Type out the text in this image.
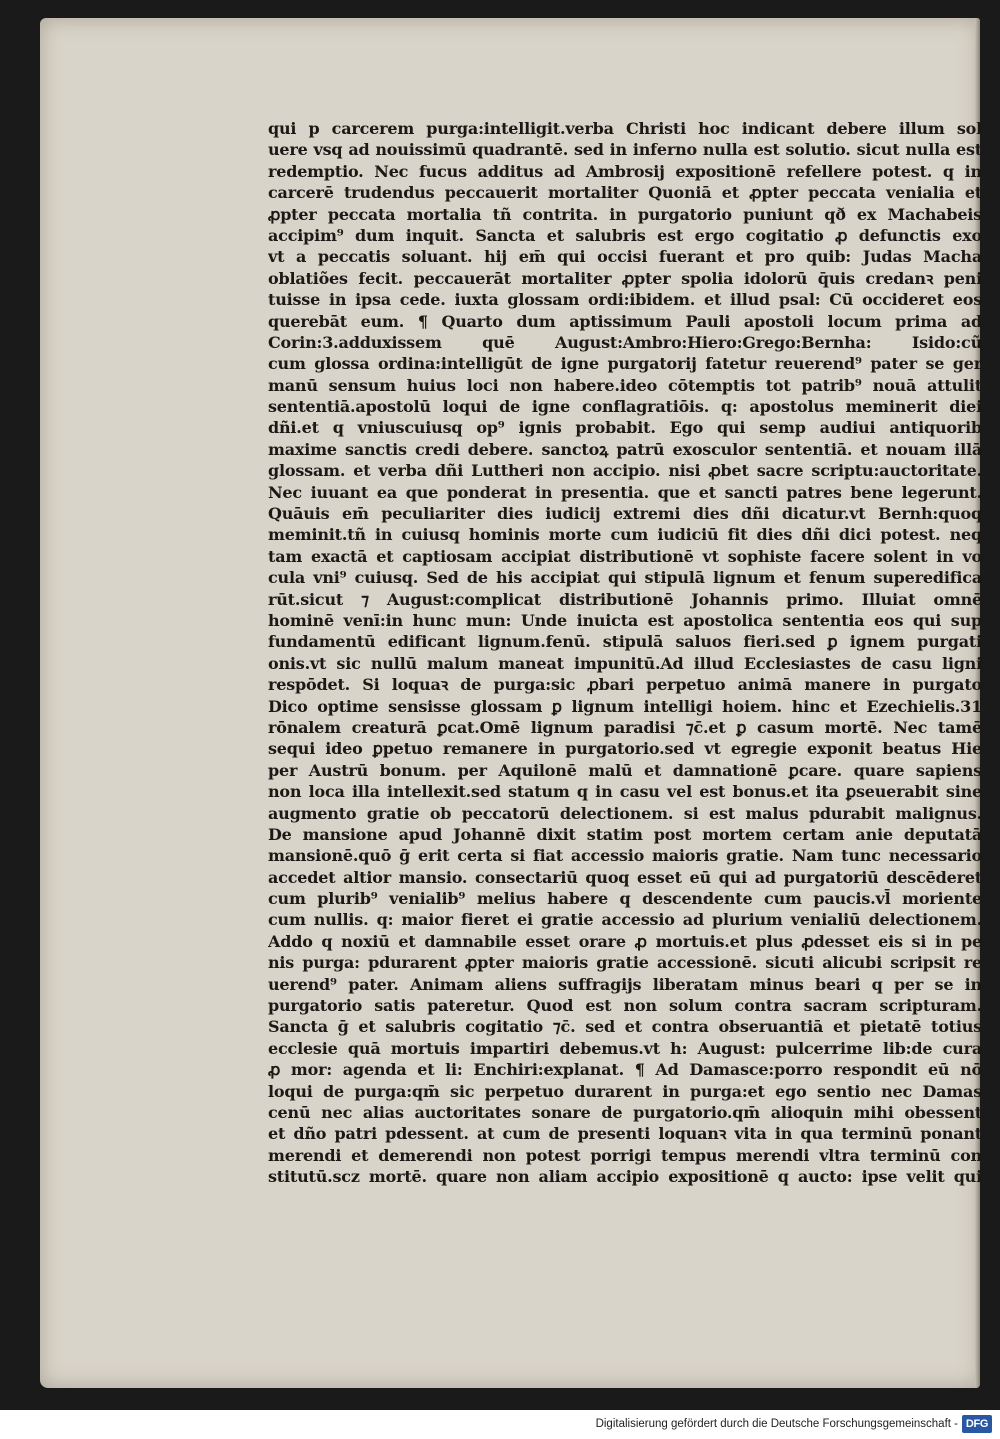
qui p carcerem purga:intelligit.verba Christi hoc indicant debere illum sol
uere vsq ad nouissimū quadrantē. sed in inferno nulla est solutio. sicut nulla est
redemptio. Nec fucus additus ad Ambrosij expositionē refellere potest. q in
carcerē trudendus peccauerit mortaliter Quoniā et ꝓpter peccata venialia et
ꝓpter peccata mortalia tñ contrita. in purgatorio puniunt qð ex Machabeis
accipim⁹ dum inquit. Sancta et salubris est ergo cogitatio ꝓ defunctis exo
vt a peccatis soluant. hij em̄ qui occisi fuerant et pro quib: Judas Macha
oblatiões fecit. peccauerāt mortaliter ꝓpter spolia idolorū q̄uis credanꝛ peni
tuisse in ipsa cede. iuxta glossam ordi:ibidem. et illud psal: Cū occideret eos
querebāt eum. ¶ Quarto dum aptissimum Pauli apostoli locum prima ad
Corin:3.adduxissem quē August:Ambro:Hiero:Grego:Bernha: Isido:cũ
cum glossa ordina:intelligūt de igne purgatorij fatetur reuerend⁹ pater se ger
manū sensum huius loci non habere.ideo cōtemptis tot patrib⁹ nouā attulit
sententiā.apostolū loqui de igne conflagratiōis. q: apostolus meminerit diei
dñi.et q vniuscuiusq op⁹ ignis probabit. Ego qui semp audiui antiquorib
maxime sanctis credi debere. sanctoꝝ patrū exosculor sententiā. et nouam illā
glossam. et verba dñi Luttheri non accipio. nisi ꝓbet sacre scriptu:auctoritate.
Nec iuuant ea que ponderat in presentia. que et sancti patres bene legerunt.
Quāuis em̄ peculiariter dies iudicij extremi dies dñi dicatur.vt Bernh:quoq
meminit.tñ in cuiusq hominis morte cum iudiciū fit dies dñi dici potest. neq
tam exactā et captiosam accipiat distributionē vt sophiste facere solent in vo
cula vni⁹ cuiusq. Sed de his accipiat qui stipulā lignum et fenum superedifica
rūt.sicut ⁊ August:complicat distributionē Johannis primo. Illuiat omnē
hominē venī:in hunc mun: Unde inuicta est apostolica sententia eos qui sup
fundamentū edificant lignum.fenū. stipulā saluos fieri.sed ꝑ ignem purgati
onis.vt sic nullū malum maneat impunitū.Ad illud Ecclesiastes de casu ligni
respōdet. Si loquaꝛ de purga:sic ꝓbari perpetuo animā manere in purgato
Dico optime sensisse glossam ꝑ lignum intelligi hoiem. hinc et Ezechielis.31
rōnalem creaturā ꝑcat.Omē lignum paradisi ⁊c̄.et ꝑ casum mortē. Nec tamē
sequi ideo ꝑpetuo remanere in purgatorio.sed vt egregie exponit beatus Hie
per Austrū bonum. per Aquilonē malū et damnationē ꝑcare. quare sapiens
non loca illa intellexit.sed statum q in casu vel est bonus.et ita ꝑseuerabit sine
augmento gratie ob peccatorū delectionem. si est malus pdurabit malignus.
De mansione apud Johannē dixit statim post mortem certam anie deputatā
mansionē.quō ḡ erit certa si fiat accessio maioris gratie. Nam tunc necessario
accedet altior mansio. consectariū quoq esset eū qui ad purgatoriū descēderet
cum plurib⁹ venialib⁹ melius habere q descendente cum paucis.vl̄ moriente
cum nullis. q: maior fieret ei gratie accessio ad plurium venialiū delectionem.
Addo q noxiū et damnabile esset orare ꝓ mortuis.et plus ꝓdesset eis si in pe
nis purga: pdurarent ꝓpter maioris gratie accessionē. sicuti alicubi scripsit re
uerend⁹ pater. Animam aliens suffragijs liberatam minus beari q per se in
purgatorio satis pateretur. Quod est non solum contra sacram scripturam.
Sancta ḡ et salubris cogitatio ⁊c̄. sed et contra obseruantiā et pietatē totius
ecclesie quā mortuis impartiri debemus.vt h: August: pulcerrime lib:de cura
ꝓ mor: agenda et li: Enchiri:explanat. ¶ Ad Damasce:porro respondit eū nō
loqui de purga:qm̄ sic perpetuo durarent in purga:et ego sentio nec Damas
cenū nec alias auctoritates sonare de purgatorio.qm̄ alioquin mihi obessent
et dño patri pdessent. at cum de presenti loquanꝛ vita in qua terminū ponant
merendi et demerendi non potest porrigi tempus merendi vltra terminū con
stitutū.scz mortē. quare non aliam accipio expositionē q aucto: ipse velit qui
Digitalisierung gefördert durch die Deutsche Forschungsgemeinschaft - DFG
